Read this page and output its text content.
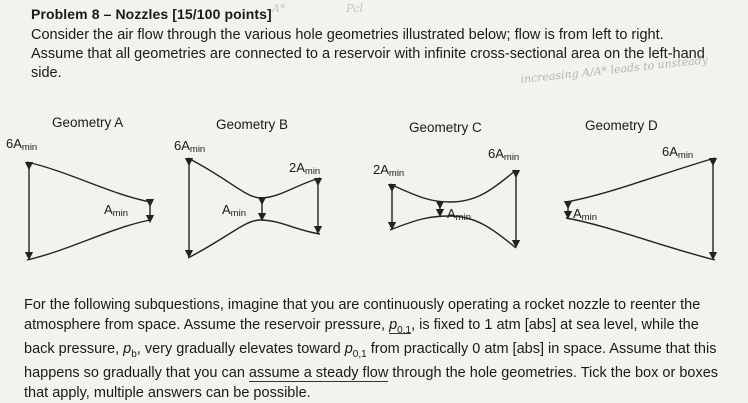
Problem 8 – Nozzles [15/100 points] A*	Pcl
Consider the air flow through the various hole geometries illustrated below; flow is from left to right. Assume that all geometries are connected to a reservoir with infinite cross-sectional area on the left-hand side.	increasing A/A* leads to unsteady
Geometry A	Geometry B	Geometry C	Geometry D
$6A_{min}$
$A_{min}$
$6A_{min}$
$2A_{min}$
$A_{min}$
$2A_{min}$
$6A_{min}$
$A_{min}$
$6A_{min}$
$A_{min}$
For the following subquestions, imagine that you are continuously operating a rocket nozzle to reenter the atmosphere from space. Assume the reservoir pressure, $p_{0,1}$, is fixed to 1 atm [abs] at sea level, while the back pressure, $p_b$, very gradually elevates toward $p_{0,1}$ from practically 0 atm [abs] in space. Assume that this happens so gradually that you can assume a steady flow through the hole geometries. Tick the box or boxes that apply, multiple answers can be possible.
